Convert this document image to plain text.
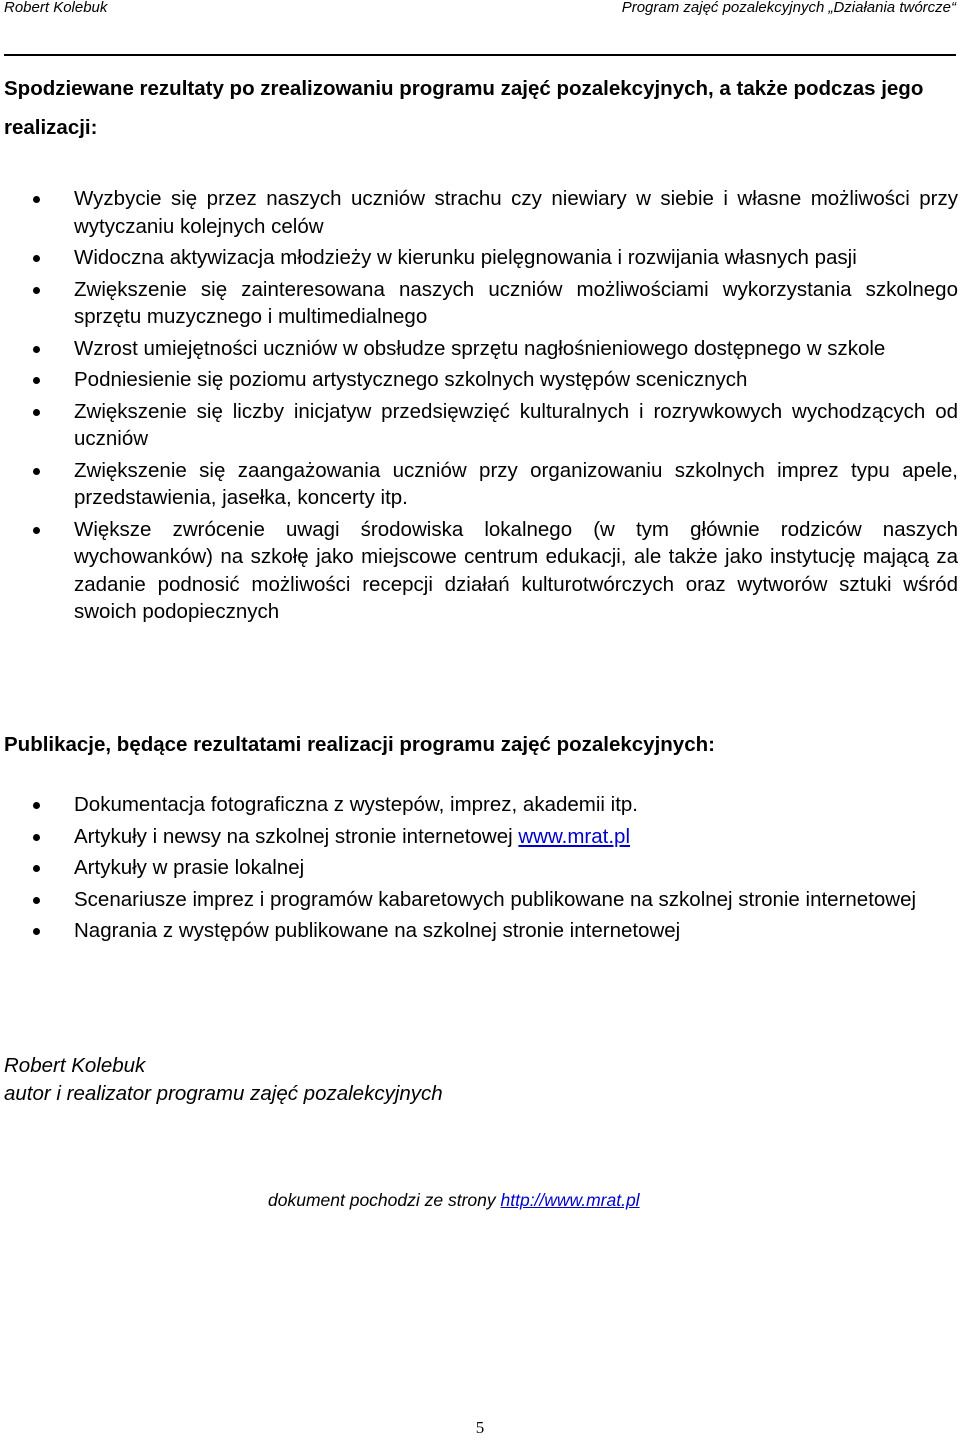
Robert Kolebuk	Program zajęć pozalekcyjnych „Działania twórcze“
Spodziewane rezultaty po zrealizowaniu programu zajęć pozalekcyjnych, a także podczas jego realizacji:
Wyzbycie się przez naszych uczniów strachu czy niewiary w siebie i własne możliwości przy wytyczaniu kolejnych celów
Widoczna aktywizacja młodzieży w kierunku pielęgnowania i rozwijania własnych pasji
Zwiększenie się zainteresowana naszych uczniów możliwościami wykorzystania szkolnego sprzętu muzycznego i multimedialnego
Wzrost umiejętności uczniów w obsłudze sprzętu nagłośnieniowego dostępnego w szkole
Podniesienie się poziomu artystycznego szkolnych występów scenicznych
Zwiększenie się liczby inicjatyw przedsięwzięć kulturalnych i rozrywkowych wychodzących od uczniów
Zwiększenie się zaangażowania uczniów przy organizowaniu szkolnych imprez typu apele, przedstawienia, jasełka, koncerty itp.
Większe zwrócenie uwagi środowiska lokalnego (w tym głównie rodziców naszych wychowanków) na szkołę jako miejscowe centrum edukacji, ale także jako instytucję mającą za zadanie podnosić możliwości recepcji działań kulturotwórczych oraz wytworów sztuki wśród swoich podopiecznych
Publikacje, będące rezultatami realizacji programu zajęć pozalekcyjnych:
Dokumentacja fotograficzna z wystepów, imprez, akademii itp.
Artykuły i newsy na szkolnej stronie internetowej www.mrat.pl
Artykuły w prasie lokalnej
Scenariusze imprez i programów kabaretowych publikowane na szkolnej stronie internetowej
Nagrania z występów publikowane na szkolnej stronie internetowej
Robert Kolebuk
autor i realizator programu zajęć pozalekcyjnych
dokument pochodzi ze strony http://www.mrat.pl
5
